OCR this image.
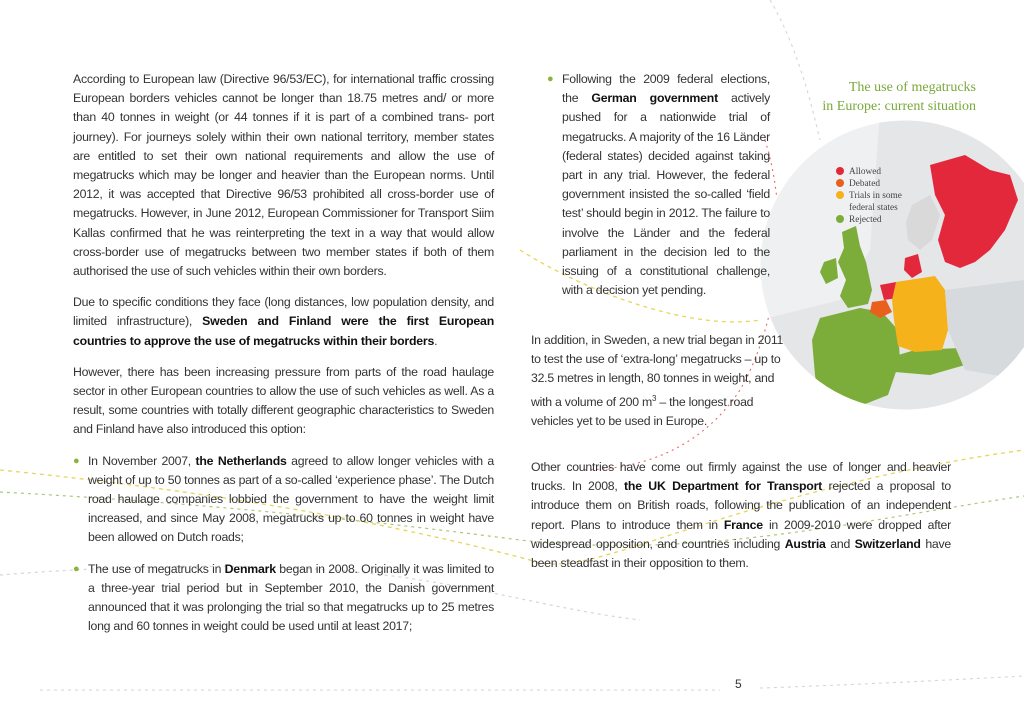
The use of megatrucks
in Europe: current situation
Allowed
Debated
Trials in some federal states
Rejected

According to European law (Directive 96/53/EC), for international traffic crossing European borders vehicles cannot be longer than 18.75 metres and/ or more than 40 tonnes in weight (or 44 tonnes if it is part of a combined trans- port journey). For journeys solely within their own national territory, member states are entitled to set their own national requirements and allow the use of megatrucks which may be longer and heavier than the European norms. Until 2012, it was accepted that Directive 96/53 prohibited all cross-border use of megatrucks. However, in June 2012, European Commissioner for Transport Siim Kallas confirmed that he was reinterpreting the text in a way that would allow cross-border use of megatrucks between two member states if both of them authorised the use of such vehicles within their own borders.

Due to specific conditions they face (long distances, low population density, and limited infrastructure), Sweden and Finland were the first European countries to approve the use of megatrucks within their borders.

However, there has been increasing pressure from parts of the road haulage sector in other European countries to allow the use of such vehicles as well. As a result, some countries with totally different geographic characteristics to Sweden and Finland have also introduced this option:

● In November 2007, the Netherlands agreed to allow longer vehicles with a weight of up to 50 tonnes as part of a so-called ‘experience phase’. The Dutch road haulage companies lobbied the government to have the weight limit increased, and since May 2008, megatrucks up to 60 tonnes in weight have been allowed on Dutch roads;
● The use of megatrucks in Denmark began in 2008. Originally it was limited to a three-year trial period but in September 2010, the Danish government announced that it was prolonging the trial so that megatrucks up to 25 metres long and 60 tonnes in weight could be used until at least 2017;
● Following the 2009 federal elections, the German government actively pushed for a nationwide trial of megatrucks. A majority of the 16 Länder (federal states) decided against taking part in any trial. However, the federal government insisted the so-called ‘field test’ should begin in 2012. The failure to involve the Länder and the federal parliament in the decision led to the issuing of a constitutional challenge, with a decision yet pending.
In addition, in Sweden, a new trial began in 2011 to test the use of ‘extra-long’ megatrucks – up to 32.5 metres in length, 80 tonnes in weight, and with a volume of 200 $m^3$ – the longest road vehicles yet to be used in Europe.
Other countries have come out firmly against the use of longer and heavier trucks. In 2008, the UK Department for Transport rejected a proposal to introduce them on British roads, following the publication of an independent report. Plans to introduce them in France in 2009-2010 were dropped after widespread opposition, and countries including Austria and Switzerland have been steadfast in their opposition to them.
5
